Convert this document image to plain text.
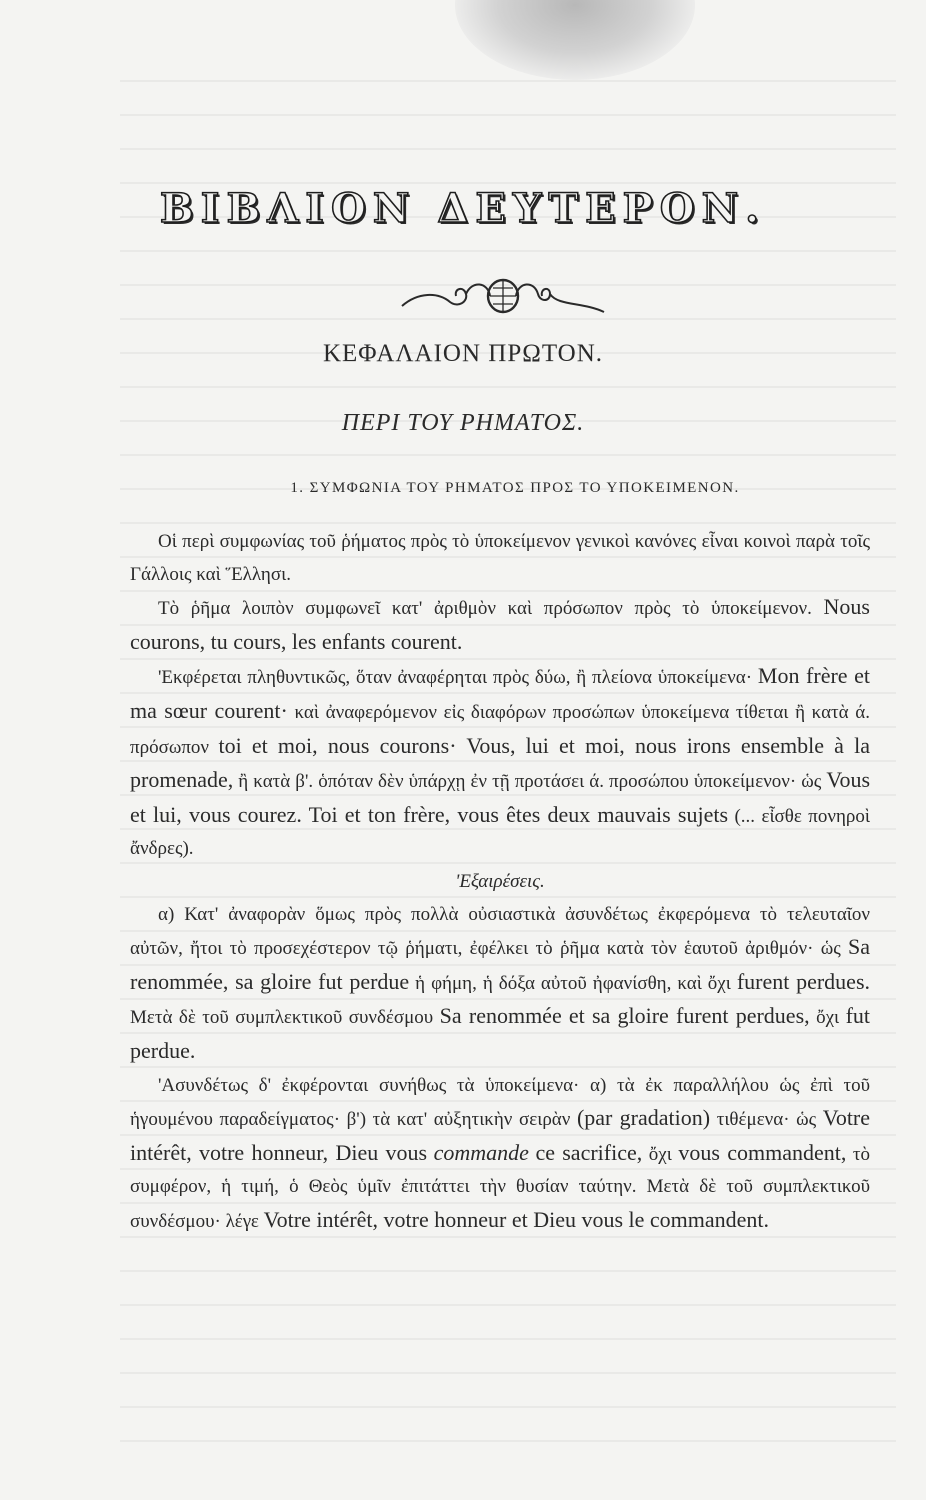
ΒΙΒΛΙΟΝ ΔΕΥΤΕΡΟΝ.
ΚΕΦΑΛΑΙΟΝ ΠΡΩΤΟΝ.
ΠΕΡΙ ΤΟΥ ΡΗΜΑΤΟΣ.
1. ΣΥΜΦΩΝΙΑ ΤΟΥ ΡΗΜΑΤΟΣ ΠΡΟΣ ΤΟ ΥΠΟΚΕΙΜΕΝΟΝ.

Οἱ περὶ συμφωνίας τοῦ ῥήματος πρὸς τὸ ὑποκείμενον γενικοὶ κανόνες εἶναι κοινοὶ παρὰ τοῖς Γάλλοις καὶ Ἕλλησι.

Τὸ ῥῆμα λοιπὸν συμφωνεῖ κατ' ἀριθμὸν καὶ πρόσωπον πρὸς τὸ ὑποκείμενον. Nous courons, tu cours, les enfants courent.

'Εκφέρεται πληθυντικῶς, ὅταν ἀναφέρηται πρὸς δύω, ἢ πλείονα ὑποκείμενα· Mon frère et ma sœur courent· καὶ ἀναφερόμενον εἰς διαφόρων προσώπων ὑποκείμενα τίθεται ἢ κατὰ ά. πρόσωπον toi et moi, nous courons· Vous, lui et moi, nous irons ensemble à la promenade, ἢ κατὰ β'. ὁπόταν δὲν ὑπάρχῃ ἐν τῇ προτάσει ά. προσώπου ὑποκείμενον· ὡς Vous et lui, vous courez. Toi et ton frère, vous êtes deux mauvais sujets (... εἶσθε πονηροὶ ἄνδρες).

'Εξαιρέσεις.

α) Κατ' ἀναφορὰν ὅμως πρὸς πολλὰ οὐσιαστικὰ ἀσυνδέτως ἐκφερόμενα τὸ τελευταῖον αὐτῶν, ἤτοι τὸ προσεχέστερον τῷ ῥήματι, ἐφέλκει τὸ ῥῆμα κατὰ τὸν ἑαυτοῦ ἀριθμόν· ὡς Sa renommée, sa gloire fut perdue ἡ φήμη, ἡ δόξα αὐτοῦ ἠφανίσθη, καὶ ὄχι furent perdues. Μετὰ δὲ τοῦ συμπλεκτικοῦ συνδέσμου Sa renommée et sa gloire furent perdues, ὄχι fut perdue.

'Ασυνδέτως δ' ἐκφέρονται συνήθως τὰ ὑποκείμενα· α) τὰ ἐκ παραλλήλου ὡς ἐπὶ τοῦ ἡγουμένου παραδείγματος· β') τὰ κατ' αὐξητικὴν σειρὰν (par gradation) τιθέμενα· ὡς Votre intérêt, votre honneur, Dieu vous commande ce sacrifice, ὄχι vous commandent, τὸ συμφέρον, ἡ τιμή, ὁ Θεὸς ὑμῖν ἐπιτάττει τὴν θυσίαν ταύτην. Μετὰ δὲ τοῦ συμπλεκτικοῦ συνδέσμου· λέγε Votre intérêt, votre honneur et Dieu vous le commandent.
